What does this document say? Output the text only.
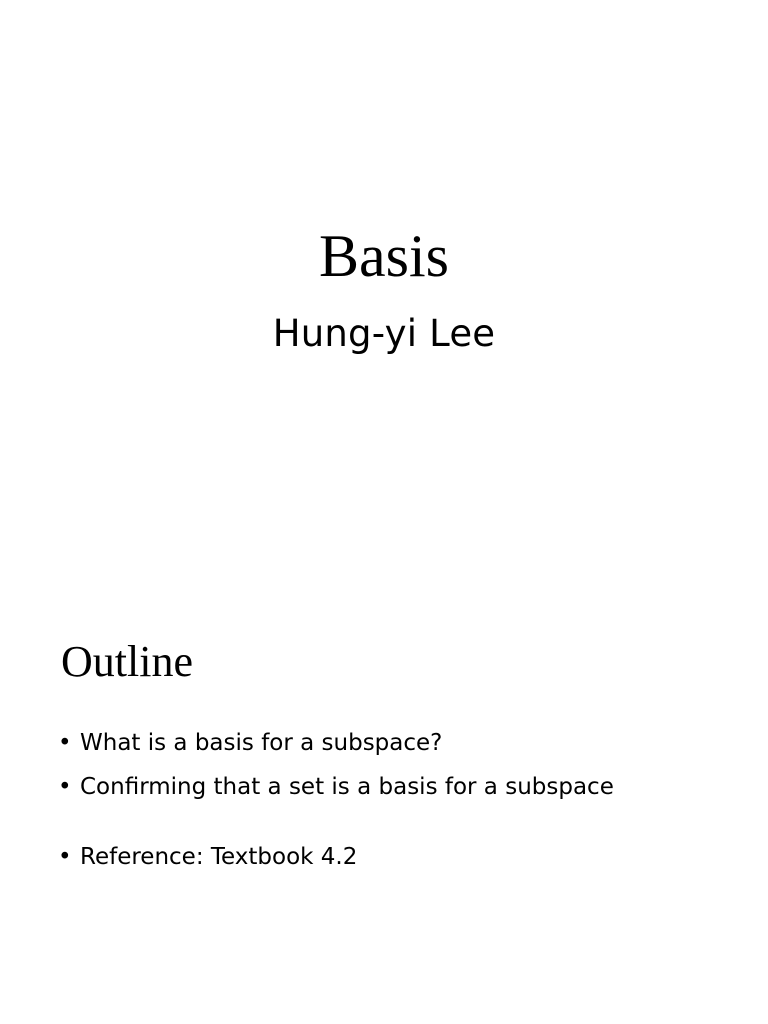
Basis
Hung-yi Lee
Outline
• What is a basis for a subspace?
• Confirming that a set is a basis for a subspace
• Reference: Textbook 4.2
